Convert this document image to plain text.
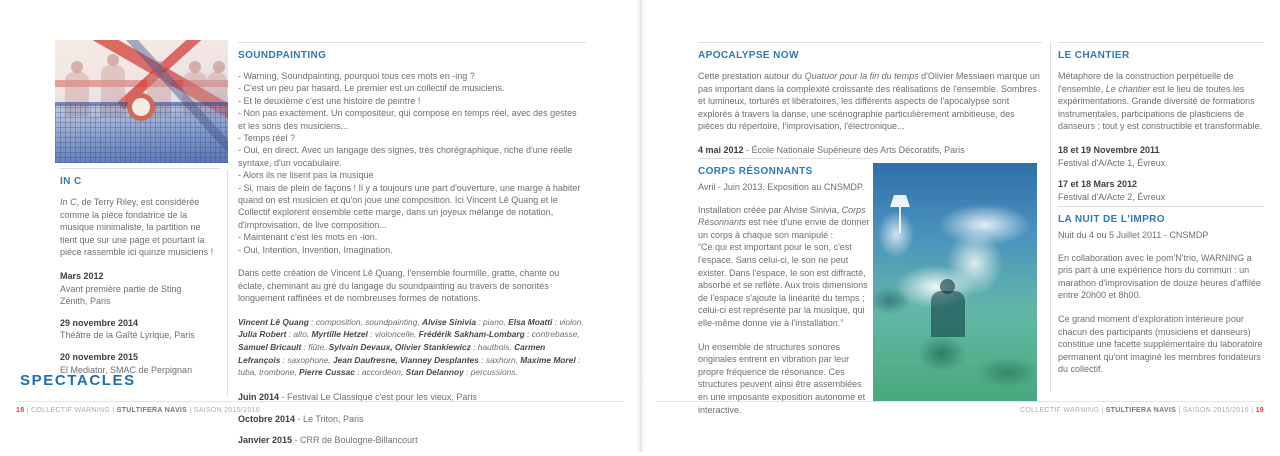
IN C

In C, de Terry Riley, est considérée comme la pièce fondatrice de la musique minimaliste, la partition ne tient que sur une page et pourtant la pièce rassemble ici quinze musiciens !

Mars 2012
Avant première partie de Sting
Zénith, Paris
29 novembre 2014
Théâtre de la Gaîté Lyrique, Paris
20 novembre 2015
El Mediator, SMAC de Perpignan
SOUNDPAINTING
- Warning, Soundpainting, pourquoi tous ces mots en -ing ?
- C'est un peu par hasard. Le premier est un collectif de musiciens.
- Et le deuxième c'est une histoire de peintre !
- Non pas exactement. Un compositeur, qui compose en temps réel, avec des gestes et les sons des musiciens...
- Temps réel ?
- Oui, en direct. Avec un langage des signes, très chorégraphique, riche d'une réelle syntaxe, d'un vocabulaire.
- Alors ils ne lisent pas la musique
- Si, mais de plein de façons ! Il y a toujours une part d'ouverture, une marge à habiter quand on est musicien et qu'on joue une composition. Ici Vincent Lê Quang et le Collectif explorent ensemble cette marge, dans un joyeux mélange de notation, d'improvisation, de live composition...
- Maintenant c'est les mots en -ion.
- Oui, Intention, Invention, Imagination.

Dans cette création de Vincent Lê Quang, l'ensemble fourmille, gratte, chante ou éclate, cheminant au gré du langage du soundpainting au travers de sonorités longuement raffinées et de nombreuses formes de notations.

Vincent Lê Quang : composition, soundpainting, Alvise Sinivia : piano, Elsa Moatti : violon, Julia Robert : alto, Myrtille Hetzel : violoncelle, Frédérik Sakham-Lombarg : contrebasse, Samuel Bricault : flûte, Sylvain Devaux, Olivier Stankiewicz : hautbois, Carmen Lefrançois : saxophone, Jean Daufresne, Vianney Desplantes : saxhorn, Maxime Morel : tuba, trombone, Pierre Cussac : accordéon, Stan Delannoy : percussions.

Juin 2014 - Festival Le Classique c'est pour les vieux, Paris
Octobre 2014 - Le Triton, Paris
Janvier 2015 - CRR de Boulogne-Billancourt
SPECTACLES
18 | COLLECTIF WARNING | STULTIFERA NAVIS | SAISON 2015/2016
APOCALYPSE NOW

Cette prestation autour du Quatuor pour la fin du temps d'Olivier Messiaen marque un pas important dans la complexité croissante des réalisations de l'ensemble. Sombres et lumineux, torturés et libératoires, les différents aspects de l'apocalypse sont explorés à travers la danse, une scénographie particulièrement ambitieuse, des pièces du répertoire, l'improvisation, l'électronique...

4 mai 2012 - École Nationale Supérieure des Arts Décoratifs, Paris
CORPS RÉSONNANTS

Avril - Juin 2013. Exposition au CNSMDP.

Installation créée par Alvise Sinivia, Corps Résonnants est née d'une envie de donner un corps à chaque son manipulé :

“Ce qui est important pour le son, c'est l'espace. Sans celui-ci, le son ne peut exister. Dans l'espace, le son est diffracté, absorbé et se reflète. Aux trois dimensions de l'espace s'ajoute la linéarité du temps ; celui-ci est représenté par la musique, qui elle-même donne vie à l'installation.”

Un ensemble de structures sonores originales entrent en vibration par leur propre fréquence de résonance. Ces structures peuvent ainsi être assemblées en une imposante exposition autonome et interactive.

LE CHANTIER

Métaphore de la construction perpétuelle de l'ensemble, Le chantier est le lieu de toutes les expérimentations. Grande diversité de formations instrumentales, participations de plasticiens de danseurs ; tout y est constructible et transformable.

18 et 19 Novembre 2011
Festival d'A/Acte 1, Évreux
17 et 18 Mars 2012
Festival d'A/Acte 2, Évreux
LA NUIT DE L'IMPRO

Nuit du 4 ou 5 Juillet 2011 - CNSMDP

En collaboration avec le pom'N'trio, WARNING a pris part à une expérience hors du commun : un marathon d'improvisation de douze heures d'affilée entre 20h00 et 8h00.

Ce grand moment d'exploration intérieure pour chacun des participants (musiciens et danseurs) constitue une facette supplémentaire du laboratoire permanent qu'ont imaginé les membres fondateurs du collectif.

COLLECTIF WARNING | STULTIFERA NAVIS | SAISON 2015/2016 | 19
